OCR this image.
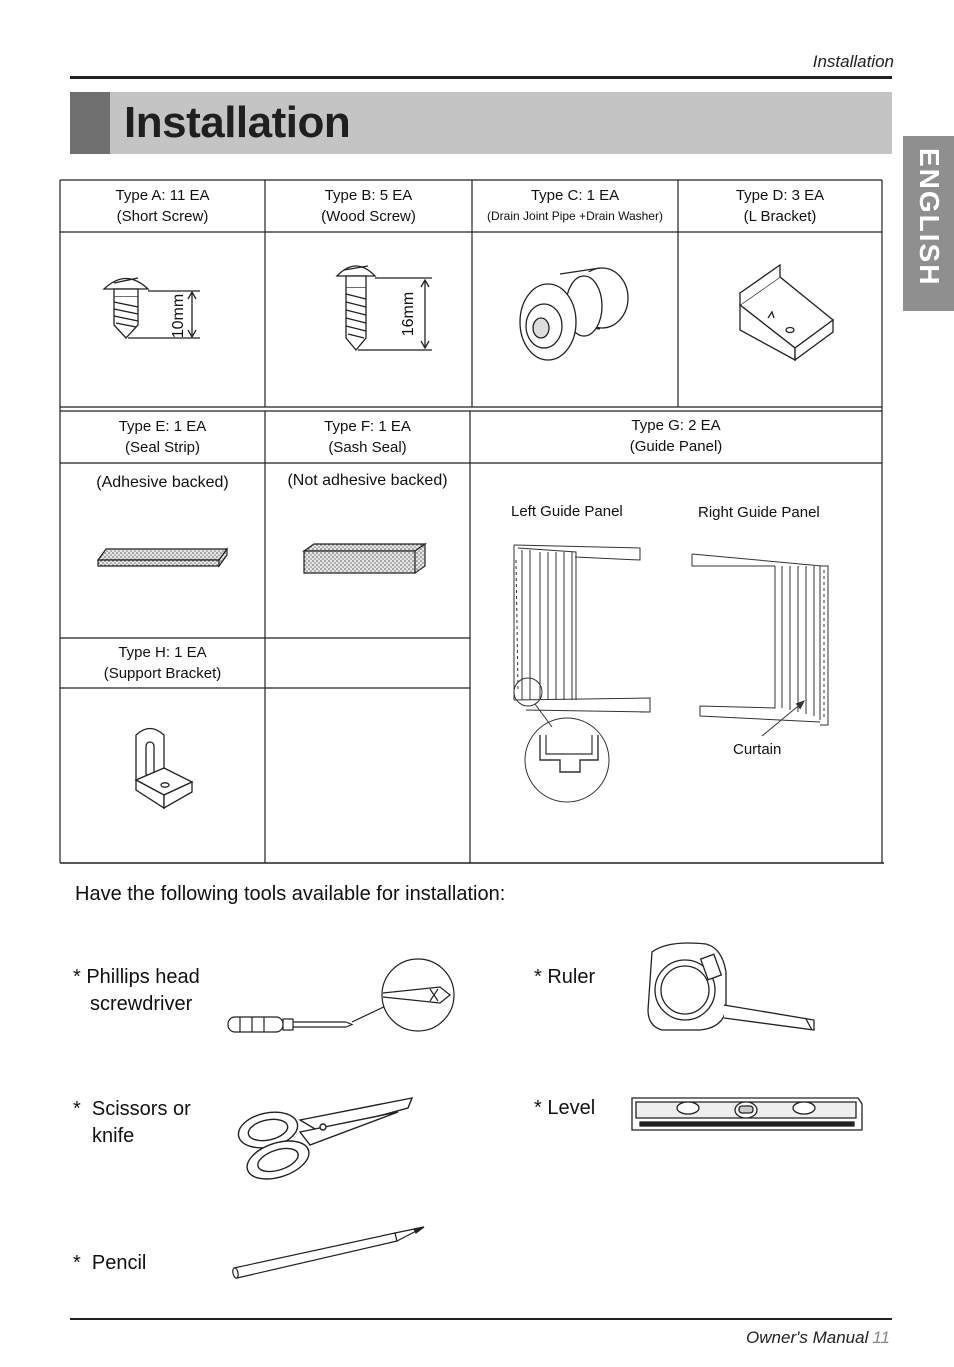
Installation
Installation
ENGLISH
10mm	16mm
Type A: 11 EA
(Short Screw)
Type B: 5 EA
(Wood Screw)
Type C: 1 EA
(Drain Joint Pipe +Drain Washer)
Type D: 3 EA
(L Bracket)
Type E: 1 EA
(Seal Strip)
Type F: 1 EA
(Sash Seal)
Type G: 2 EA
(Guide Panel)
(Adhesive backed)	(Not adhesive backed)
Left Guide Panel	Right Guide Panel
Curtain
Type H: 1 EA
(Support Bracket)
Have the following tools available for installation:
* Phillips head
screwdriver
*  Scissors or
knife
*  Pencil
* Ruler
* Level
Owner's Manual 11
